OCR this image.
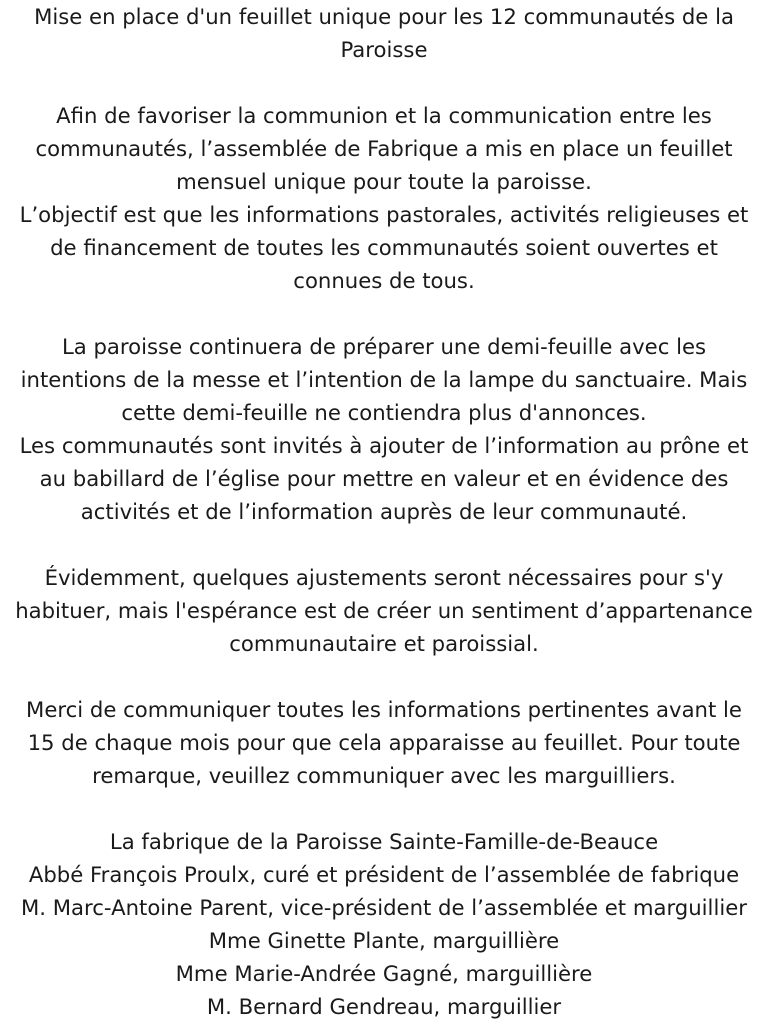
Mise en place d'un feuillet unique pour les 12 communautés de la
Paroisse
Afin de favoriser la communion et la communication entre les
communautés, l’assemblée de Fabrique a mis en place un feuillet
mensuel unique pour toute la paroisse.
L’objectif est que les informations pastorales, activités religieuses et
de financement de toutes les communautés soient ouvertes et
connues de tous.
La paroisse continuera de préparer une demi-feuille avec les
intentions de la messe et l’intention de la lampe du sanctuaire. Mais
cette demi-feuille ne contiendra plus d'annonces.
Les communautés sont invités à ajouter de l’information au prône et
au babillard de l’église pour mettre en valeur et en évidence des
activités et de l’information auprès de leur communauté.
Évidemment, quelques ajustements seront nécessaires pour s'y
habituer, mais l'espérance est de créer un sentiment d’appartenance
communautaire et paroissial.
Merci de communiquer toutes les informations pertinentes avant le
15 de chaque mois pour que cela apparaisse au feuillet. Pour toute
remarque, veuillez communiquer avec les marguilliers.
La fabrique de la Paroisse Sainte-Famille-de-Beauce
Abbé François Proulx, curé et président de l’assemblée de fabrique
M. Marc-Antoine Parent, vice-président de l’assemblée et marguillier
Mme Ginette Plante, marguillière
Mme Marie-Andrée Gagné, marguillière
M. Bernard Gendreau, marguillier
